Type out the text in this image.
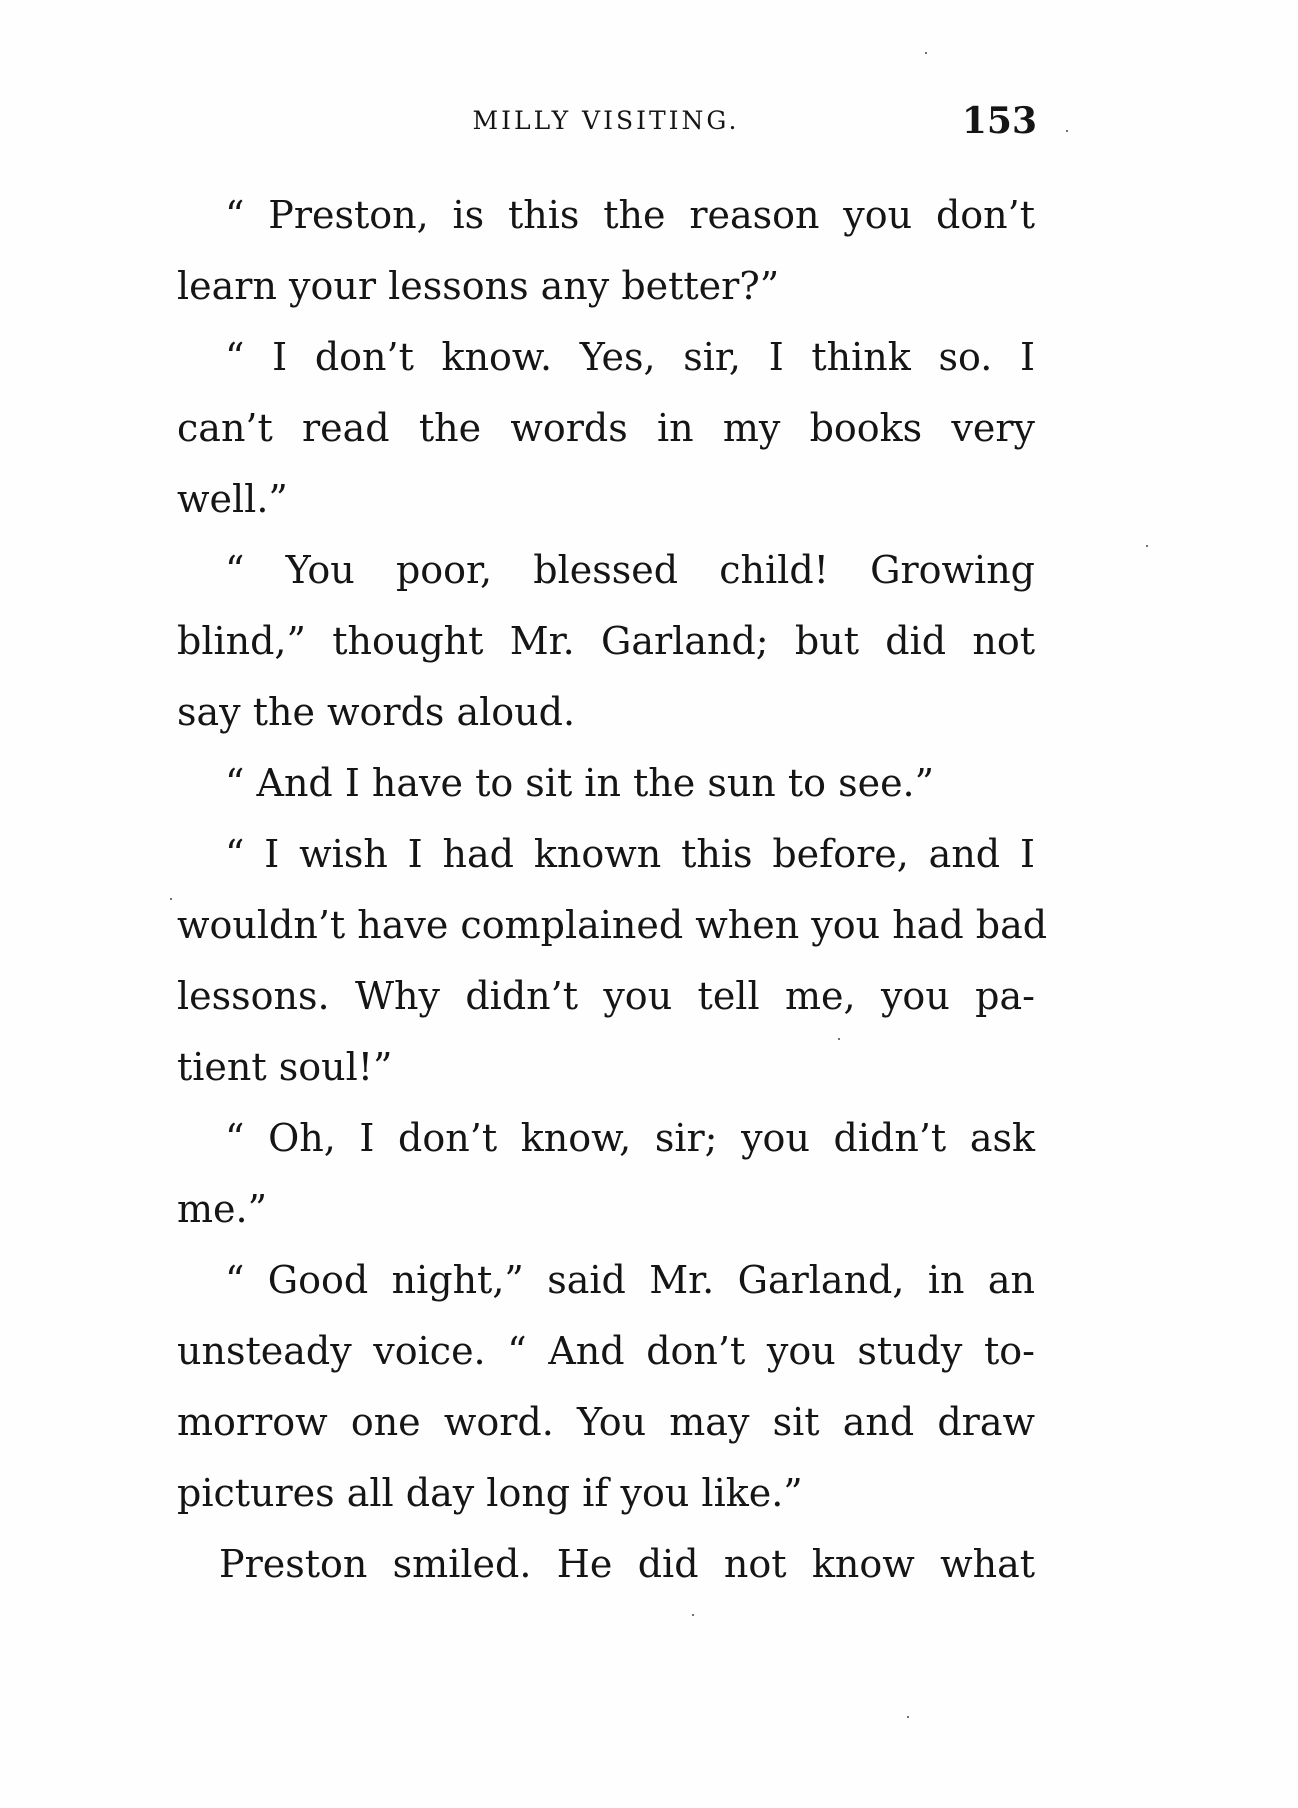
MILLY VISITING.	153
“ Preston, is this the reason you don’t
learn your lessons any better?”
“ I don’t know. Yes, sir, I think so. I
can’t read the words in my books very
well.”
“ You poor, blessed child! Growing
blind,” thought Mr. Garland; but did not
say the words aloud.
“ And I have to sit in the sun to see.”
“ I wish I had known this before, and I
wouldn’t have complained when you had bad
lessons. Why didn’t you tell me, you pa-
tient soul!”
“ Oh, I don’t know, sir; you didn’t ask
me.”
“ Good night,” said Mr. Garland, in an
unsteady voice. “ And don’t you study to-
morrow one word. You may sit and draw
pictures all day long if you like.”
Preston smiled. He did not know what
